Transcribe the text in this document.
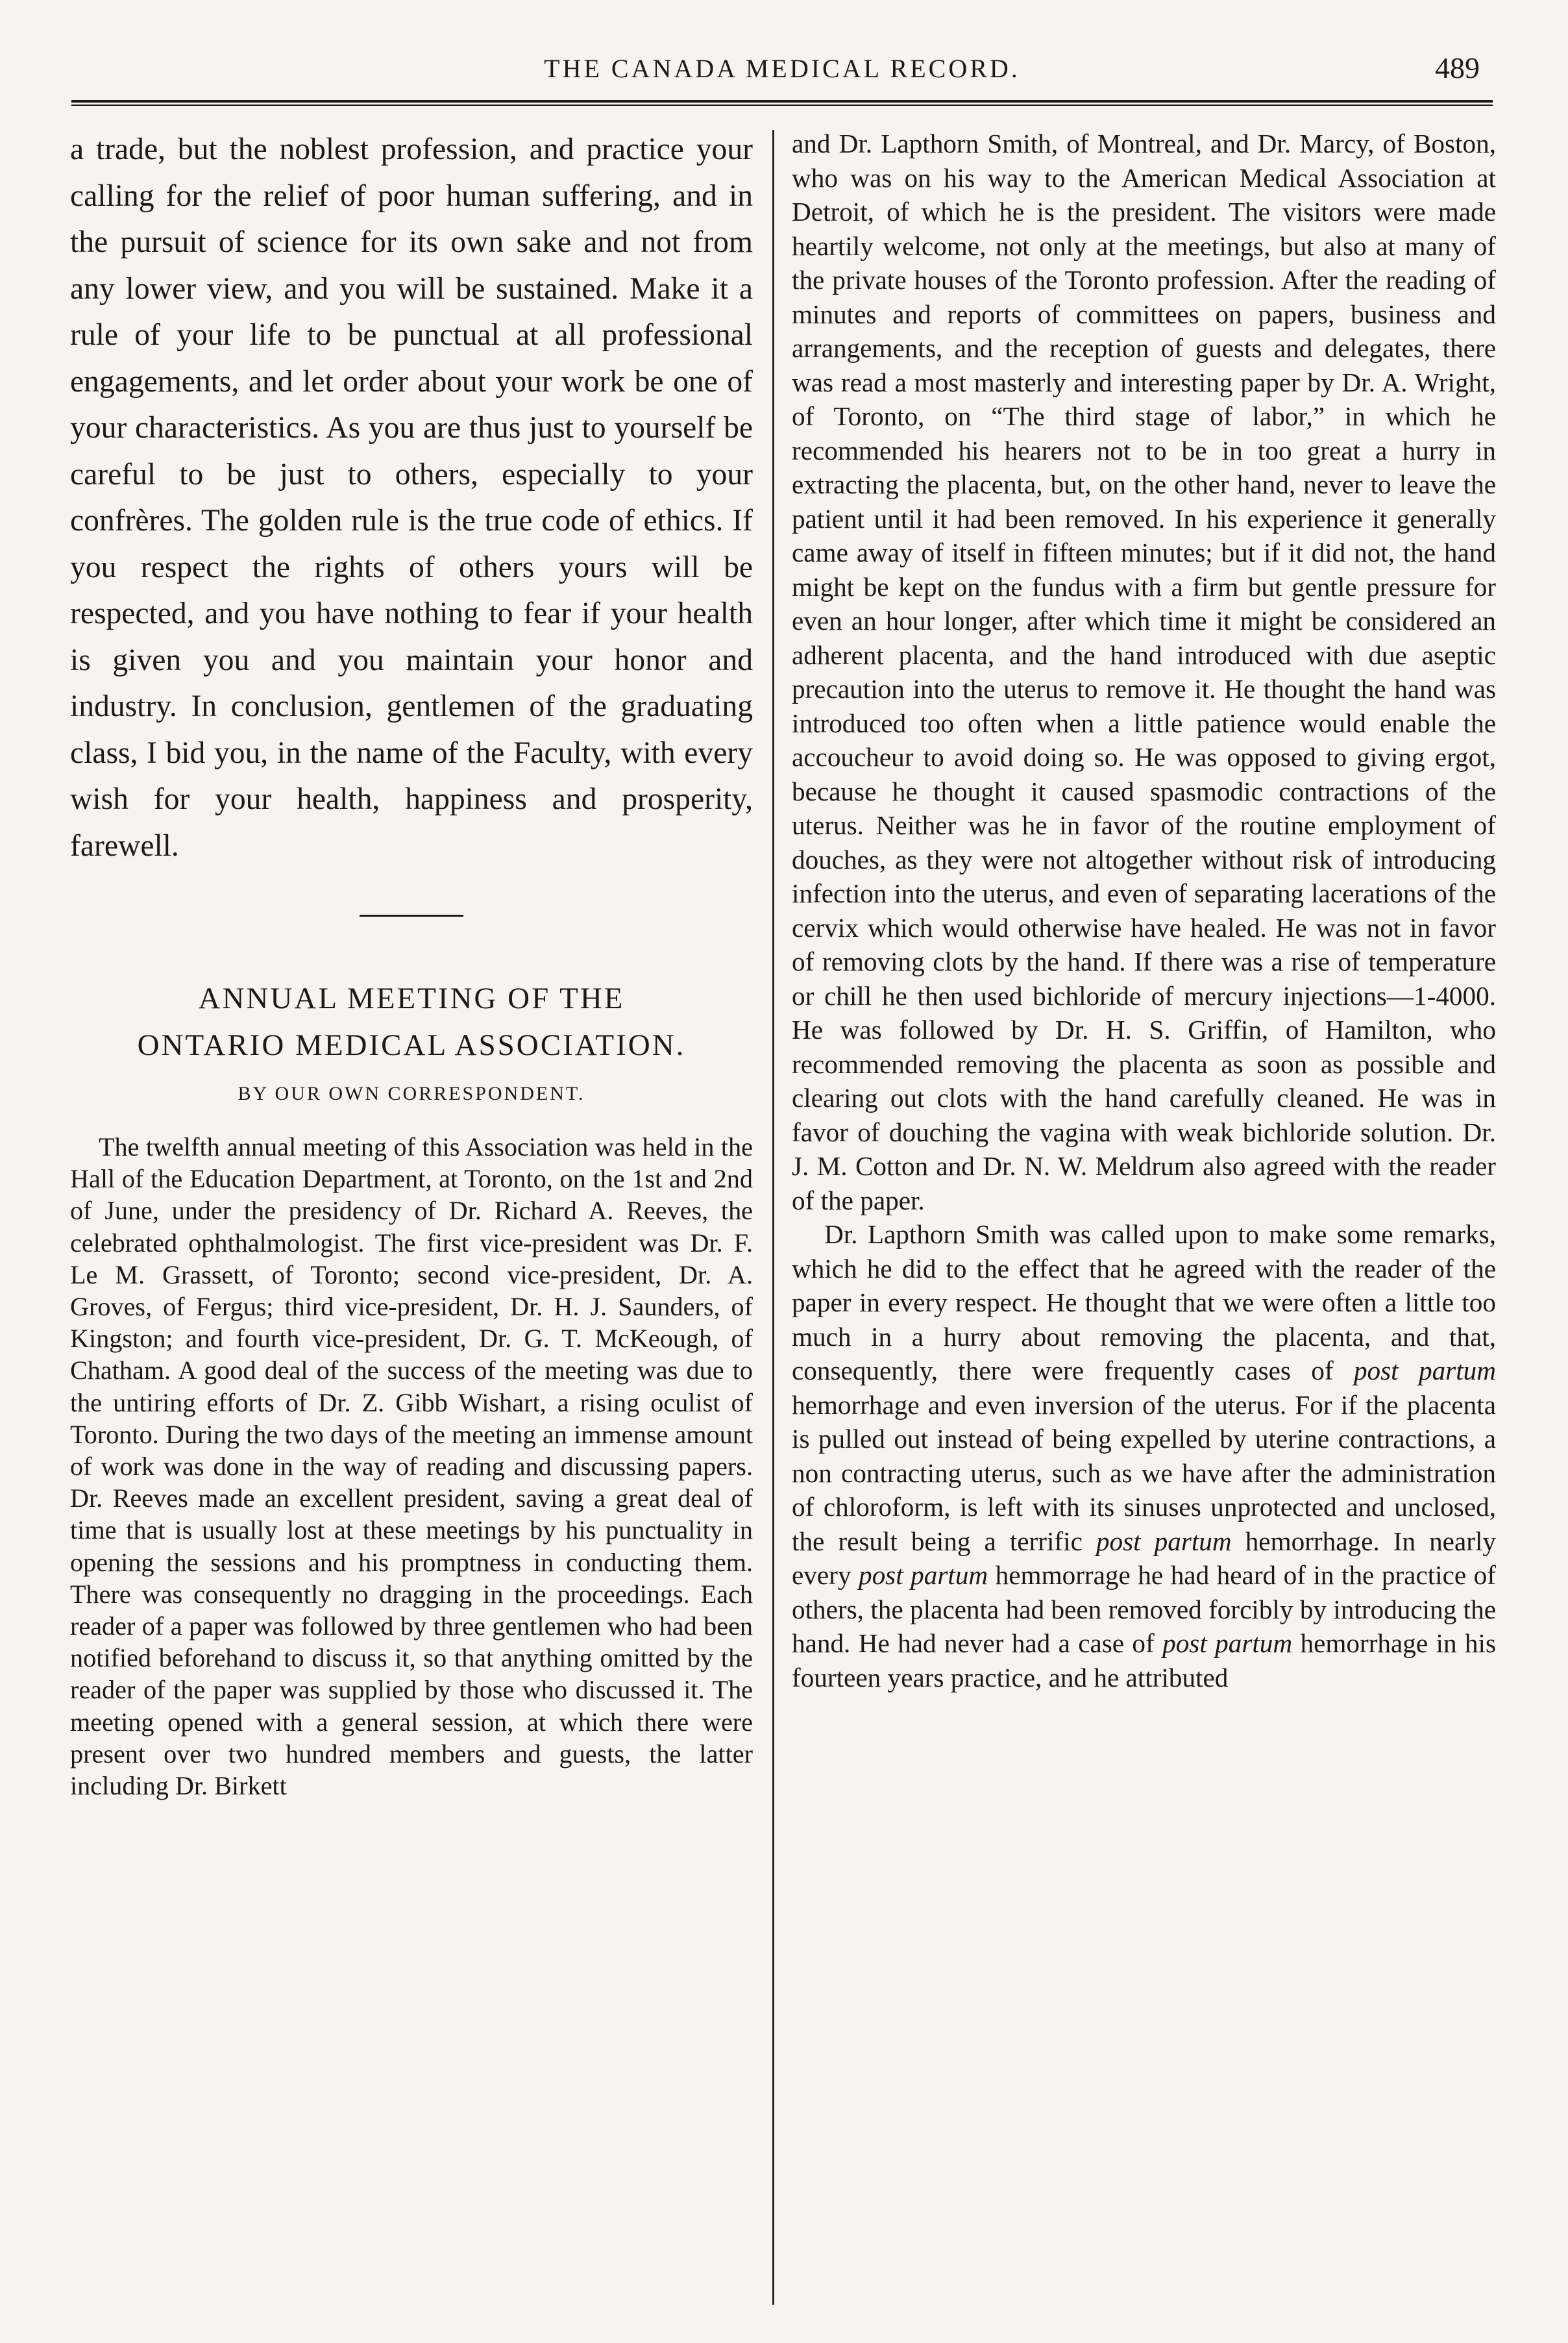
THE CANADA MEDICAL RECORD.	489

a trade, but the noblest profession, and practice your calling for the relief of poor human suffering, and in the pursuit of science for its own sake and not from any lower view, and you will be sustained. Make it a rule of your life to be punctual at all professional engagements, and let order about your work be one of your characteristics. As you are thus just to yourself be careful to be just to others, especially to your confrères. The golden rule is the true code of ethics. If you respect the rights of others yours will be respected, and you have nothing to fear if your health is given you and you maintain your honor and industry. In conclusion, gentlemen of the graduating class, I bid you, in the name of the Faculty, with every wish for your health, happiness and prosperity, farewell.

ANNUAL MEETING OF THE
ONTARIO MEDICAL ASSOCIATION.
BY OUR OWN CORRESPONDENT.

The twelfth annual meeting of this Association was held in the Hall of the Education Department, at Toronto, on the 1st and 2nd of June, under the presidency of Dr. Richard A. Reeves, the celebrated ophthalmologist. The first vice-president was Dr. F. Le M. Grassett, of Toronto; second vice-president, Dr. A. Groves, of Fergus; third vice-president, Dr. H. J. Saunders, of Kingston; and fourth vice-president, Dr. G. T. McKeough, of Chatham. A good deal of the success of the meeting was due to the untiring efforts of Dr. Z. Gibb Wishart, a rising oculist of Toronto. During the two days of the meeting an immense amount of work was done in the way of reading and discussing papers. Dr. Reeves made an excellent president, saving a great deal of time that is usually lost at these meetings by his punctuality in opening the sessions and his promptness in conducting them. There was consequently no dragging in the proceedings. Each reader of a paper was followed by three gentlemen who had been notified beforehand to discuss it, so that anything omitted by the reader of the paper was supplied by those who discussed it. The meeting opened with a general session, at which there were present over two hundred members and guests, the latter including Dr. Birkett

and Dr. Lapthorn Smith, of Montreal, and Dr. Marcy, of Boston, who was on his way to the American Medical Association at Detroit, of which he is the president. The visitors were made heartily welcome, not only at the meetings, but also at many of the private houses of the Toronto profession. After the reading of minutes and reports of committees on papers, business and arrangements, and the reception of guests and delegates, there was read a most masterly and interesting paper by Dr. A. Wright, of Toronto, on “The third stage of labor,” in which he recommended his hearers not to be in too great a hurry in extracting the placenta, but, on the other hand, never to leave the patient until it had been removed. In his experience it generally came away of itself in fifteen minutes; but if it did not, the hand might be kept on the fundus with a firm but gentle pressure for even an hour longer, after which time it might be considered an adherent placenta, and the hand introduced with due aseptic precaution into the uterus to remove it. He thought the hand was introduced too often when a little patience would enable the accoucheur to avoid doing so. He was opposed to giving ergot, because he thought it caused spasmodic contractions of the uterus. Neither was he in favor of the routine employment of douches, as they were not altogether without risk of introducing infection into the uterus, and even of separating lacerations of the cervix which would otherwise have healed. He was not in favor of removing clots by the hand. If there was a rise of temperature or chill he then used bichloride of mercury injections—1-4000. He was followed by Dr. H. S. Griffin, of Hamilton, who recommended removing the placenta as soon as possible and clearing out clots with the hand carefully cleaned. He was in favor of douching the vagina with weak bichloride solution. Dr. J. M. Cotton and Dr. N. W. Meldrum also agreed with the reader of the paper.

Dr. Lapthorn Smith was called upon to make some remarks, which he did to the effect that he agreed with the reader of the paper in every respect. He thought that we were often a little too much in a hurry about removing the placenta, and that, consequently, there were frequently cases of post partum hemorrhage and even inversion of the uterus. For if the placenta is pulled out instead of being expelled by uterine contractions, a non contracting uterus, such as we have after the administration of chloroform, is left with its sinuses unprotected and unclosed, the result being a terrific post partum hemorrhage. In nearly every post partum hemmorrage he had heard of in the practice of others, the placenta had been removed forcibly by introducing the hand. He had never had a case of post partum hemorrhage in his fourteen years practice, and he attributed
